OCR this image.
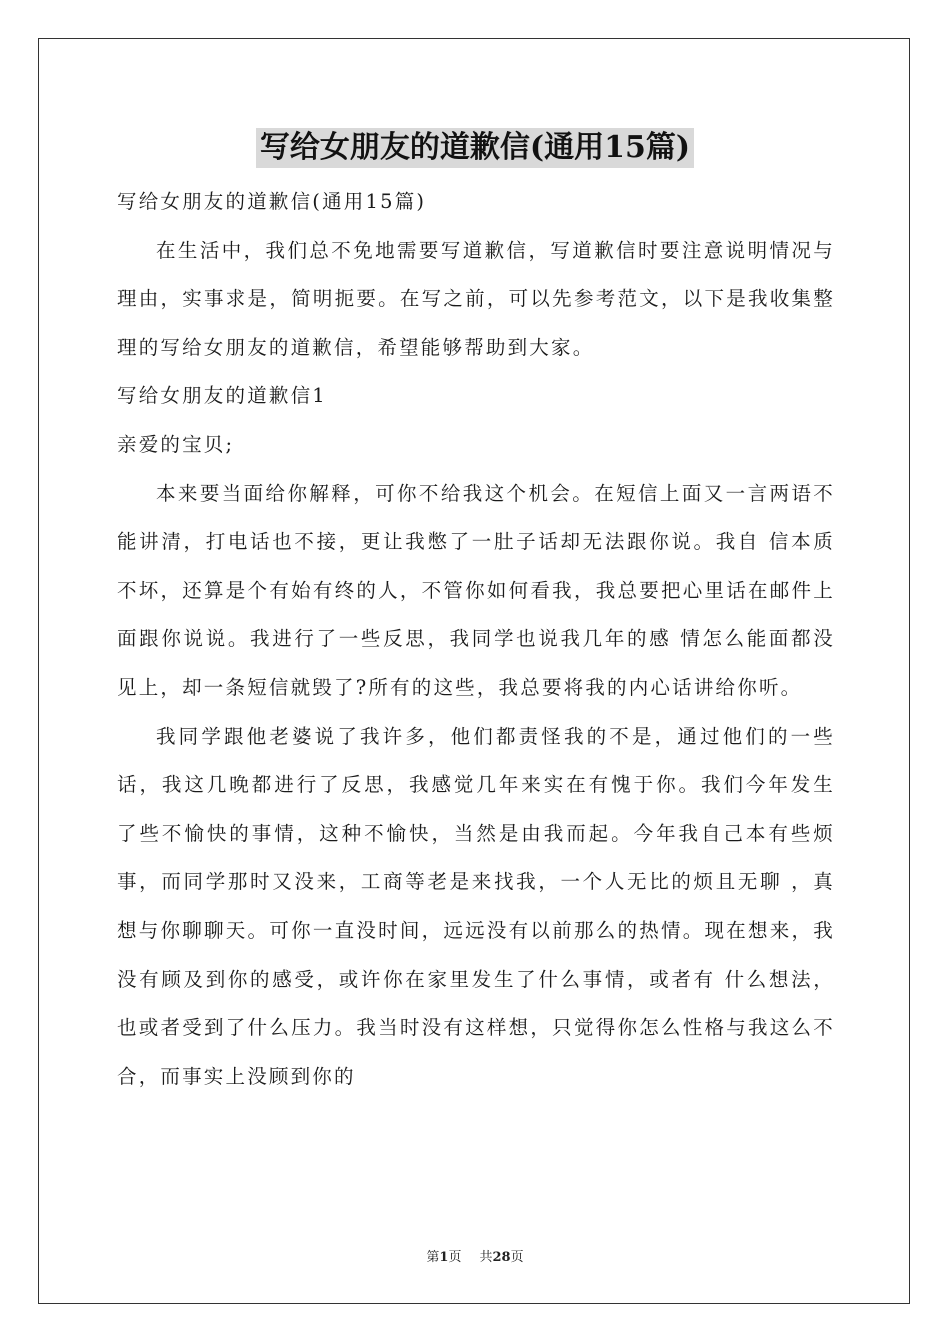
写给女朋友的道歉信(通用15篇)

写给女朋友的道歉信(通用15篇)

在生活中，我们总不免地需要写道歉信，写道歉信时要注意说明情况与理由，实事求是，简明扼要。在写之前，可以先参考范文，以下是我收集整理的写给女朋友的道歉信，希望能够帮助到大家。

写给女朋友的道歉信1

亲爱的宝贝;

本来要当面给你解释，可你不给我这个机会。在短信上面又一言两语不能讲清，打电话也不接，更让我憋了一肚子话却无法跟你说。我自 信本质不坏，还算是个有始有终的人，不管你如何看我，我总要把心里话在邮件上面跟你说说。我进行了一些反思，我同学也说我几年的感 情怎么能面都没见上，却一条短信就毁了?所有的这些，我总要将我的内心话讲给你听。

我同学跟他老婆说了我许多，他们都责怪我的不是，通过他们的一些话，我这几晚都进行了反思，我感觉几年来实在有愧于你。我们今年发生 了些不愉快的事情，这种不愉快，当然是由我而起。今年我自己本有些烦事，而同学那时又没来，工商等老是来找我，一个人无比的烦且无聊 ，真想与你聊聊天。可你一直没时间，远远没有以前那么的热情。现在想来，我没有顾及到你的感受，或许你在家里发生了什么事情，或者有 什么想法，也或者受到了什么压力。我当时没有这样想，只觉得你怎么性格与我这么不合，而事实上没顾到你的

第1页 共28页
